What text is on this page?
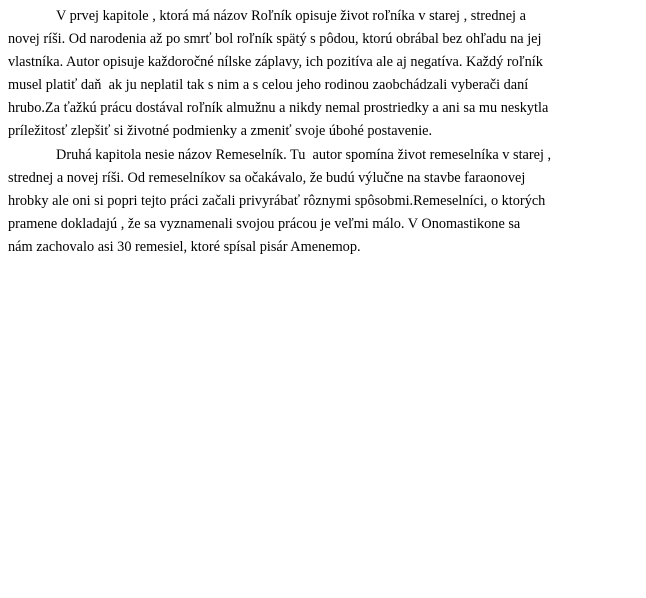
V prvej kapitole , ktorá má názov Roľník opisuje život roľníka v starej , strednej a
novej ríši. Od narodenia až po smrť bol roľník spätý s pôdou, ktorú obrábal bez ohľadu na jej
vlastníka. Autor opisuje každoročné nílske záplavy, ich pozitíva ale aj negatíva. Každý roľník
musel platiť daň  ak ju neplatil tak s nim a s celou jeho rodinou zaobchádzali vyberači daní
hrubo.Za ťažkú prácu dostával roľník almužnu a nikdy nemal prostriedky a ani sa mu neskytla
príležitosť zlepšiť si životné podmienky a zmeniť svoje úbohé postavenie.
Druhá kapitola nesie názov Remeselník. Tu  autor spomína život remeselníka v starej ,
strednej a novej ríši. Od remeselníkov sa očakávalo, že budú výlučne na stavbe faraonovej
hrobky ale oni si popri tejto práci začali privyrábať rôznymi spôsobmi.Remeselníci, o ktorých
pramene dokladajú , že sa vyznamenali svojou prácou je veľmi málo. V Onomastikone sa
nám zachovalo asi 30 remesiel, ktoré spísal pisár Amenemop.
